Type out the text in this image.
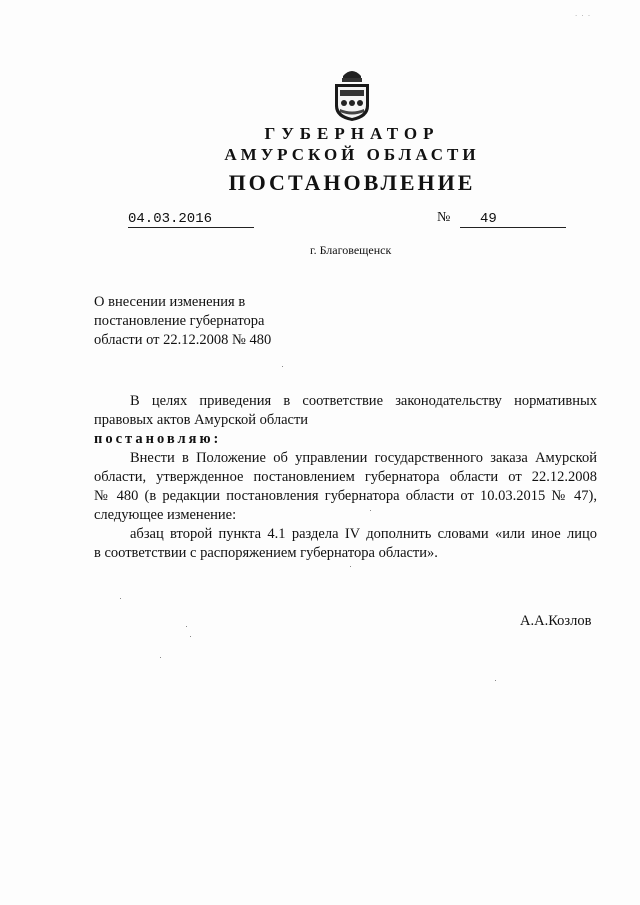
· · ·
ГУБЕРНАТОР
АМУРСКОЙ ОБЛАСТИ
ПОСТАНОВЛЕНИЕ
04.03.2016	№	49
г. Благовещенск
О внесении изменения в
постановление губернатора
области от 22.12.2008 № 480

В целях приведения в соответствие законодательству нормативных

правовых актов Амурской области

постановляю:

Внести в Положение об управлении государственного заказа Амурской

области, утвержденное постановлением губернатора области от 22.12.2008

№ 480 (в редакции постановления губернатора области от 10.03.2015 № 47),

следующее изменение:

абзац второй пункта 4.1 раздела IV дополнить словами «или иное лицо

в соответствии с распоряжением губернатора области».

А.А.Козлов
